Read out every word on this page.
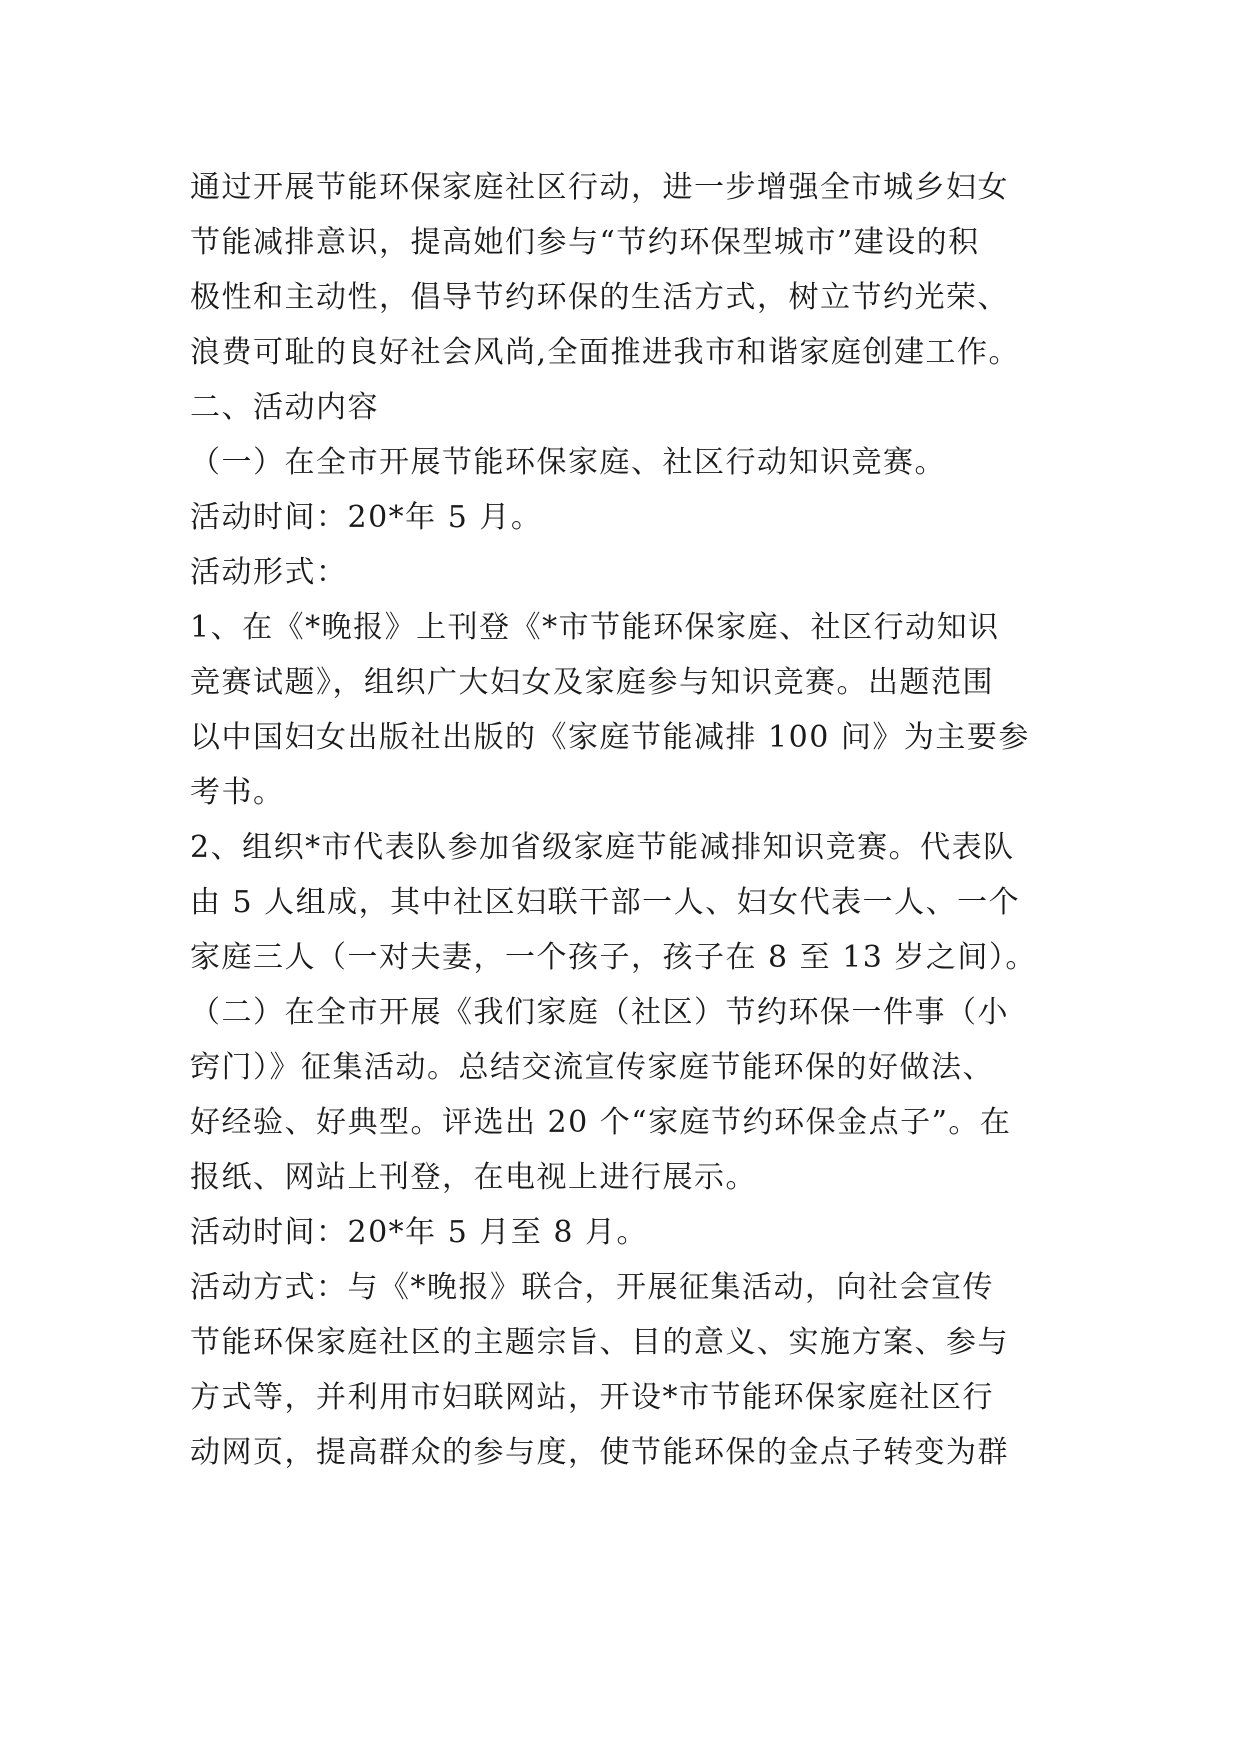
通过开展节能环保家庭社区行动，进一步增强全市城乡妇女
节能减排意识，提高她们参与“节约环保型城市”建设的积
极性和主动性，倡导节约环保的生活方式，树立节约光荣、
浪费可耻的良好社会风尚,全面推进我市和谐家庭创建工作。
二、活动内容
（一）在全市开展节能环保家庭、社区行动知识竞赛。
活动时间：20*年 5 月。
活动形式：
1、在《*晚报》上刊登《*市节能环保家庭、社区行动知识
竞赛试题》，组织广大妇女及家庭参与知识竞赛。出题范围
以中国妇女出版社出版的《家庭节能减排 100 问》为主要参
考书。
2、组织*市代表队参加省级家庭节能减排知识竞赛。代表队
由 5 人组成，其中社区妇联干部一人、妇女代表一人、一个
家庭三人（一对夫妻，一个孩子，孩子在 8 至 13 岁之间）。
（二）在全市开展《我们家庭（社区）节约环保一件事（小
窍门）》征集活动。总结交流宣传家庭节能环保的好做法、
好经验、好典型。评选出 20 个“家庭节约环保金点子”。在
报纸、网站上刊登，在电视上进行展示。
活动时间：20*年 5 月至 8 月。
活动方式：与《*晚报》联合，开展征集活动，向社会宣传
节能环保家庭社区的主题宗旨、目的意义、实施方案、参与
方式等，并利用市妇联网站，开设*市节能环保家庭社区行
动网页，提高群众的参与度，使节能环保的金点子转变为群
